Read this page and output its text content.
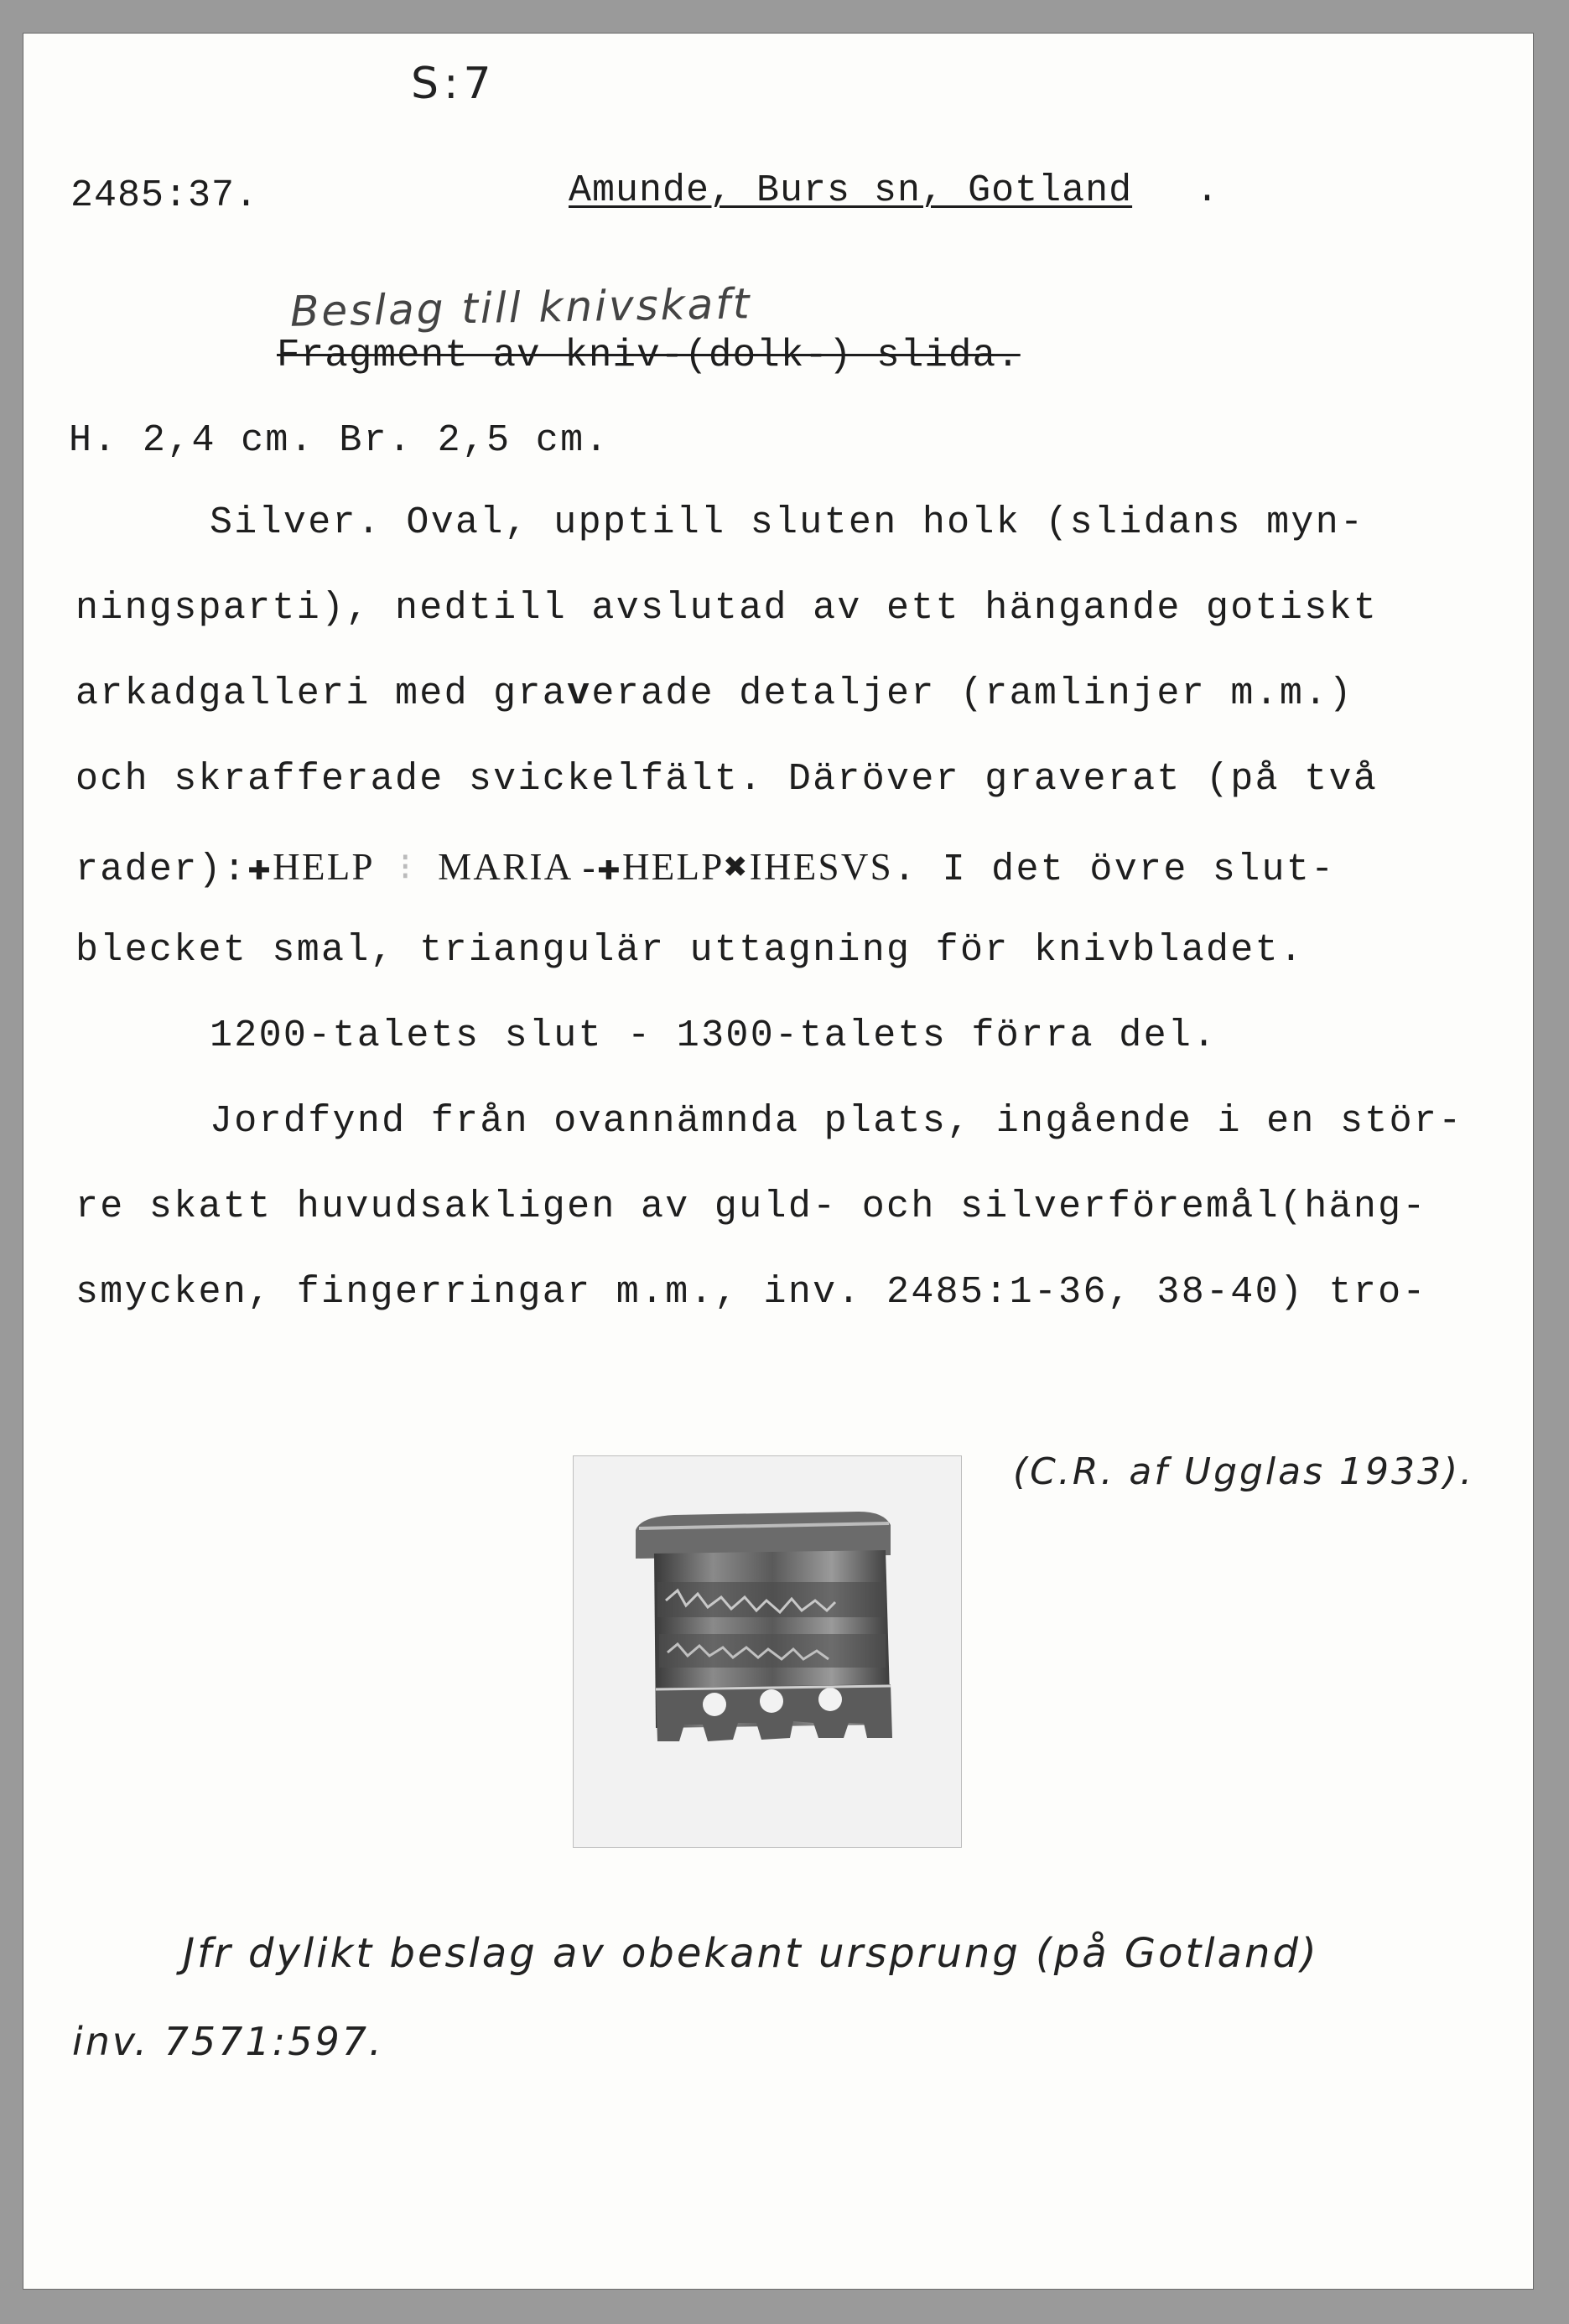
S:7
2485:37.	Amunde, Burs sn, Gotland .
Beslag till knivskaft
Fragment av kniv-(dolk-) slida.
H. 2,4 cm. Br. 2,5 cm.
Silver. Oval, upptill sluten holk (slidans myn-
ningsparti), nedtill avslutad av ett hängande gotiskt
arkadgalleri med graverade detaljer (ramlinjer m.m.)
och skrafferade svickelfält. Däröver graverat (på två
rader):✚HELP ⁝ MARIA -✚HELP✖IHESVS. I det övre slut-
blecket smal, triangulär uttagning för knivbladet.
1200-talets slut - 1300-talets förra del.
Jordfynd från ovannämnda plats, ingående i en stör-
re skatt huvudsakligen av guld- och silverföremål(häng-
smycken, fingerringar m.m., inv. 2485:1-36, 38-40) tro-
(C.R. af Ugglas 1933).
Jfr dylikt beslag av obekant ursprung (på Gotland)
inv. 7571:597.
